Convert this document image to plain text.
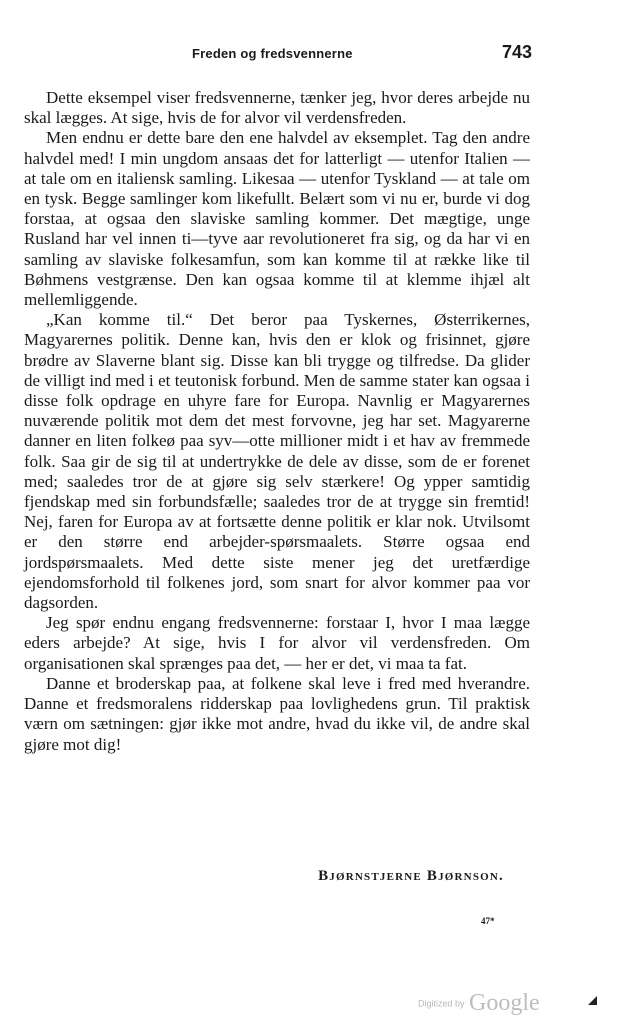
Freden og fredsvennerne	743

Dette eksempel viser fredsvennerne, tænker jeg, hvor deres arbejde nu skal lægges. At sige, hvis de for alvor vil verdensfreden.

Men endnu er dette bare den ene halvdel av eksemplet. Tag den andre halvdel med! I min ungdom ansaas det for latterligt — utenfor Italien — at tale om en italiensk samling. Likesaa — utenfor Tyskland — at tale om en tysk. Begge samlinger kom likefullt. Belært som vi nu er, burde vi dog forstaa, at ogsaa den slaviske samling kommer. Det mægtige, unge Rusland har vel innen ti—tyve aar revolutioneret fra sig, og da har vi en samling av slaviske folkesamfun, som kan komme til at række like til Bøhmens vestgrænse. Den kan ogsaa komme til at klemme ihjæl alt mellemliggende.

„Kan komme til.“ Det beror paa Tyskernes, Østerrikernes, Magyarernes politik. Denne kan, hvis den er klok og frisinnet, gjøre brødre av Slaverne blant sig. Disse kan bli trygge og tilfredse. Da glider de villigt ind med i et teutonisk forbund. Men de samme stater kan ogsaa i disse folk opdrage en uhyre fare for Europa. Navnlig er Magyarernes nuværende politik mot dem det mest forvovne, jeg har set. Magyarerne danner en liten folkeø paa syv—otte millioner midt i et hav av fremmede folk. Saa gir de sig til at undertrykke de dele av disse, som de er forenet med; saaledes tror de at gjøre sig selv stærkere! Og ypper samtidig fjendskap med sin forbundsfælle; saaledes tror de at trygge sin fremtid! Nej, faren for Europa av at fortsætte denne politik er klar nok. Utvilsomt er den større end arbejder-spørsmaalets. Større ogsaa end jordspørsmaalets. Med dette siste mener jeg det uretfærdige ejendomsforhold til folkenes jord, som snart for alvor kommer paa vor dagsorden.

Jeg spør endnu engang fredsvennerne: forstaar I, hvor I maa lægge eders arbejde? At sige, hvis I for alvor vil verdensfreden. Om organisationen skal sprænges paa det, — her er det, vi maa ta fat.

Danne et broderskap paa, at folkene skal leve i fred med hverandre. Danne et fredsmoralens ridderskap paa lovlighedens grun. Til praktisk værn om sætningen: gjør ikke mot andre, hvad du ikke vil, de andre skal gjøre mot dig!

Bjørnstjerne Bjørnson.
47*
Digitized by Google
